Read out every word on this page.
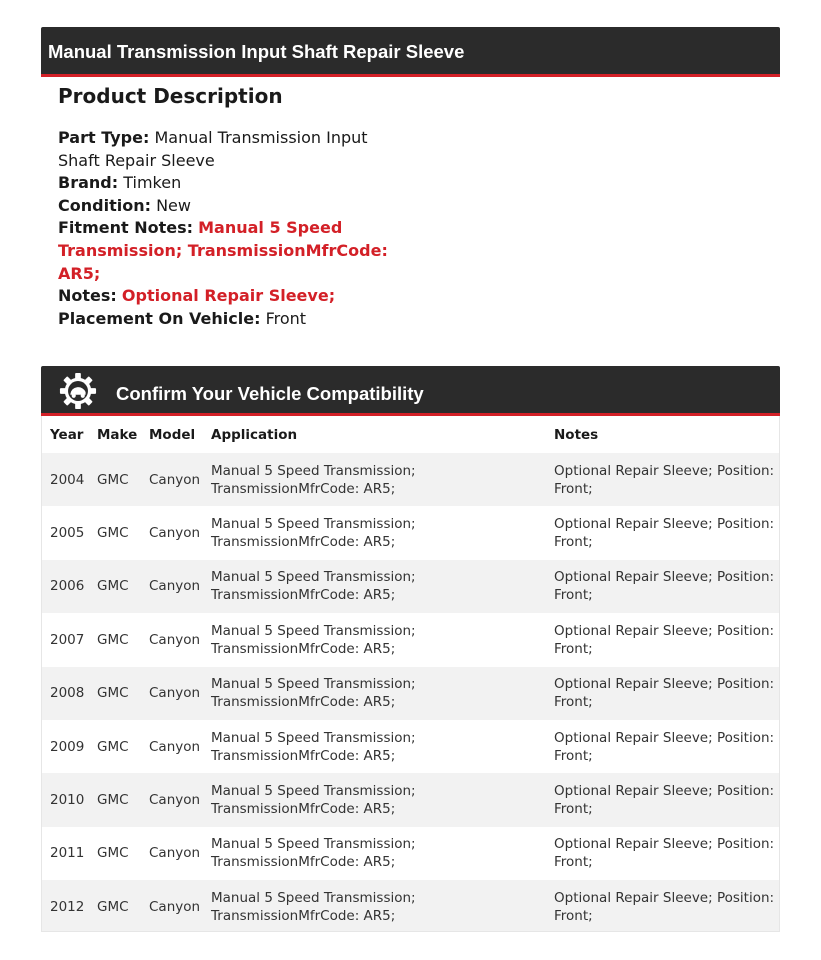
Manual Transmission Input Shaft Repair Sleeve
Product Description
Part Type: Manual Transmission Input Shaft Repair Sleeve
Brand: Timken
Condition: New
Fitment Notes: Manual 5 Speed Transmission; TransmissionMfrCode: AR5;
Notes: Optional Repair Sleeve;
Placement On Vehicle: Front
Confirm Your Vehicle Compatibility
Year	Make	Model	Application	Notes
2004	GMC	Canyon	Manual 5 Speed Transmission; TransmissionMfrCode: AR5;	Optional Repair Sleeve; Position: Front;
2005	GMC	Canyon	Manual 5 Speed Transmission; TransmissionMfrCode: AR5;	Optional Repair Sleeve; Position: Front;
2006	GMC	Canyon	Manual 5 Speed Transmission; TransmissionMfrCode: AR5;	Optional Repair Sleeve; Position: Front;
2007	GMC	Canyon	Manual 5 Speed Transmission; TransmissionMfrCode: AR5;	Optional Repair Sleeve; Position: Front;
2008	GMC	Canyon	Manual 5 Speed Transmission; TransmissionMfrCode: AR5;	Optional Repair Sleeve; Position: Front;
2009	GMC	Canyon	Manual 5 Speed Transmission; TransmissionMfrCode: AR5;	Optional Repair Sleeve; Position: Front;
2010	GMC	Canyon	Manual 5 Speed Transmission; TransmissionMfrCode: AR5;	Optional Repair Sleeve; Position: Front;
2011	GMC	Canyon	Manual 5 Speed Transmission; TransmissionMfrCode: AR5;	Optional Repair Sleeve; Position: Front;
2012	GMC	Canyon	Manual 5 Speed Transmission; TransmissionMfrCode: AR5;	Optional Repair Sleeve; Position: Front;
